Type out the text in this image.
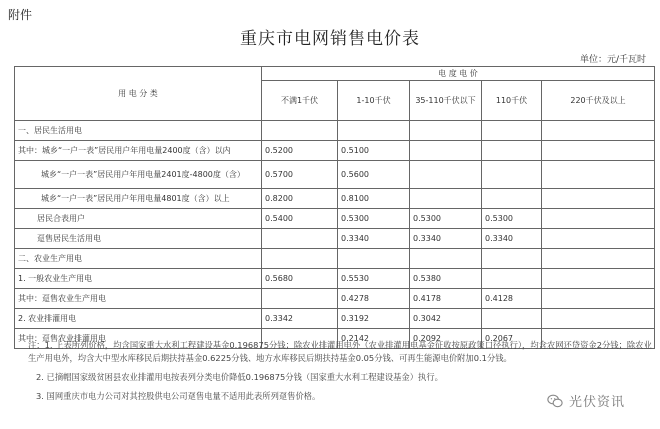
附件
重庆市电网销售电价表
单位：元/千瓦时
用 电 分 类	电 度 电 价				
	不满1千伏	1-10千伏	35-110千伏以下	110千伏	220千伏及以上
一、居民生活用电					
其中：城乡“一户一表”居民用户年用电量2400度（含）以内	0.5200	0.5100			
城乡“一户一表”居民用户年用电量2401度-4800度（含）	0.5700	0.5600			
城乡“一户一表”居民用户年用电量4801度（含）以上	0.8200	0.8100			
居民合表用户	0.5400	0.5300	0.5300	0.5300	
趸售居民生活用电		0.3340	0.3340	0.3340	
二、农业生产用电					
1. 一般农业生产用电	0.5680	0.5530	0.5380		
其中：趸售农业生产用电		0.4278	0.4178	0.4128	
2. 农业排灌用电	0.3342	0.3192	0.3042		
其中：趸售农业排灌用电		0.2142	0.2092	0.2067	

注：1. 上表所列价格，均含国家重大水利工程建设基金0.196875分钱；除农业排灌用电外（农业排灌用电基金征收按原政策口径执行），均含农网还贷资金2分钱；除农业生产用电外，均含大中型水库移民后期扶持基金0.6225分钱、地方水库移民后期扶持基金0.05分钱、可再生能源电价附加0.1分钱。

2. 已摘帽国家级贫困县农业排灌用电按表列分类电价降低0.196875分钱（国家重大水利工程建设基金）执行。

3. 国网重庆市电力公司对其控股供电公司趸售电量不适用此表所列趸售价格。	光伏资讯
